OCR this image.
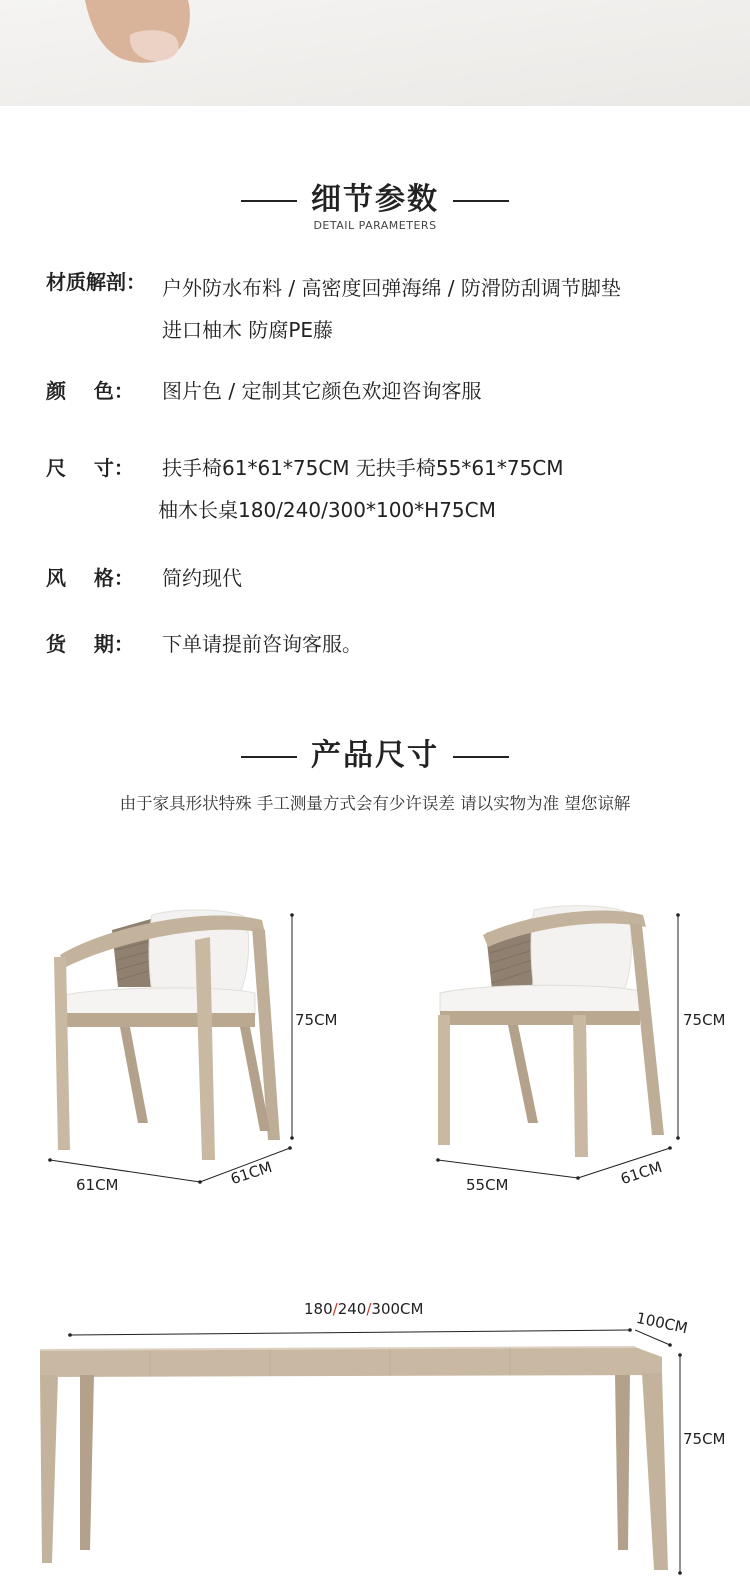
细节参数
DETAIL PARAMETERS
材质解剖： 户外防水布料 / 高密度回弹海绵 / 防滑防刮调节脚垫
进口柚木 防腐PE藤
颜    色： 图片色 / 定制其它颜色欢迎咨询客服
尺    寸： 扶手椅61*61*75CM 无扶手椅55*61*75CM
柚木长桌180/240/300*100*H75CM
风    格： 简约现代
货    期： 下单请提前咨询客服。
产品尺寸
由于家具形状特殊 手工测量方式会有少许误差 请以实物为准 望您谅解
75CM
61CM	61CM
75CM
55CM	61CM
180/240/300CM	100CM
75CM
